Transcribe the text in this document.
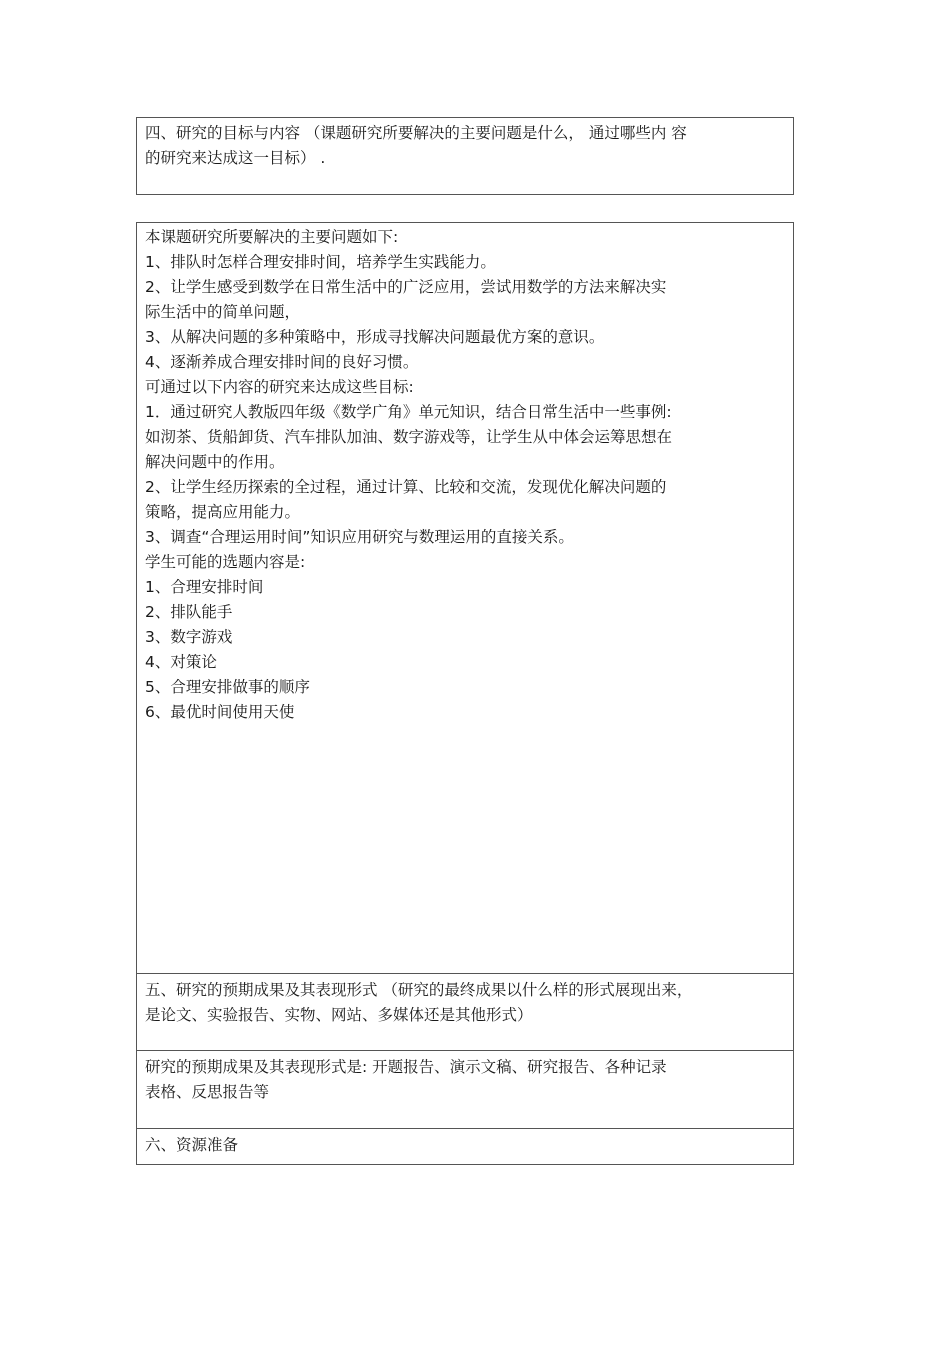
四、研究的目标与内容 （课题研究所要解决的主要问题是什么， 通过哪些内 容

的研究来达成这一目标） .

本课题研究所要解决的主要问题如下:

1、排队时怎样合理安排时间，培养学生实践能力。

2、让学生感受到数学在日常生活中的广泛应用，尝试用数学的方法来解决实

际生活中的简单问题，

3、从解决问题的多种策略中，形成寻找解决问题最优方案的意识。

4、逐渐养成合理安排时间的良好习惯。

可通过以下内容的研究来达成这些目标:

1．通过研究人教版四年级《数学广角》单元知识，结合日常生活中一些事例:

如沏茶、货船卸货、汽车排队加油、数字游戏等，让学生从中体会运筹思想在

解决问题中的作用。

2、让学生经历探索的全过程，通过计算、比较和交流，发现优化解决问题的

策略，提高应用能力。

3、调查“合理运用时间”知识应用研究与数理运用的直接关系。

学生可能的选题内容是:

1、合理安排时间

2、排队能手

3、数字游戏

4、对策论

5、合理安排做事的顺序

6、最优时间使用天使

五、研究的预期成果及其表现形式 （研究的最终成果以什么样的形式展现出来，

是论文、实验报告、实物、网站、多媒体还是其他形式）

研究的预期成果及其表现形式是: 开题报告、演示文稿、研究报告、各种记录

表格、反思报告等

六、资源准备
